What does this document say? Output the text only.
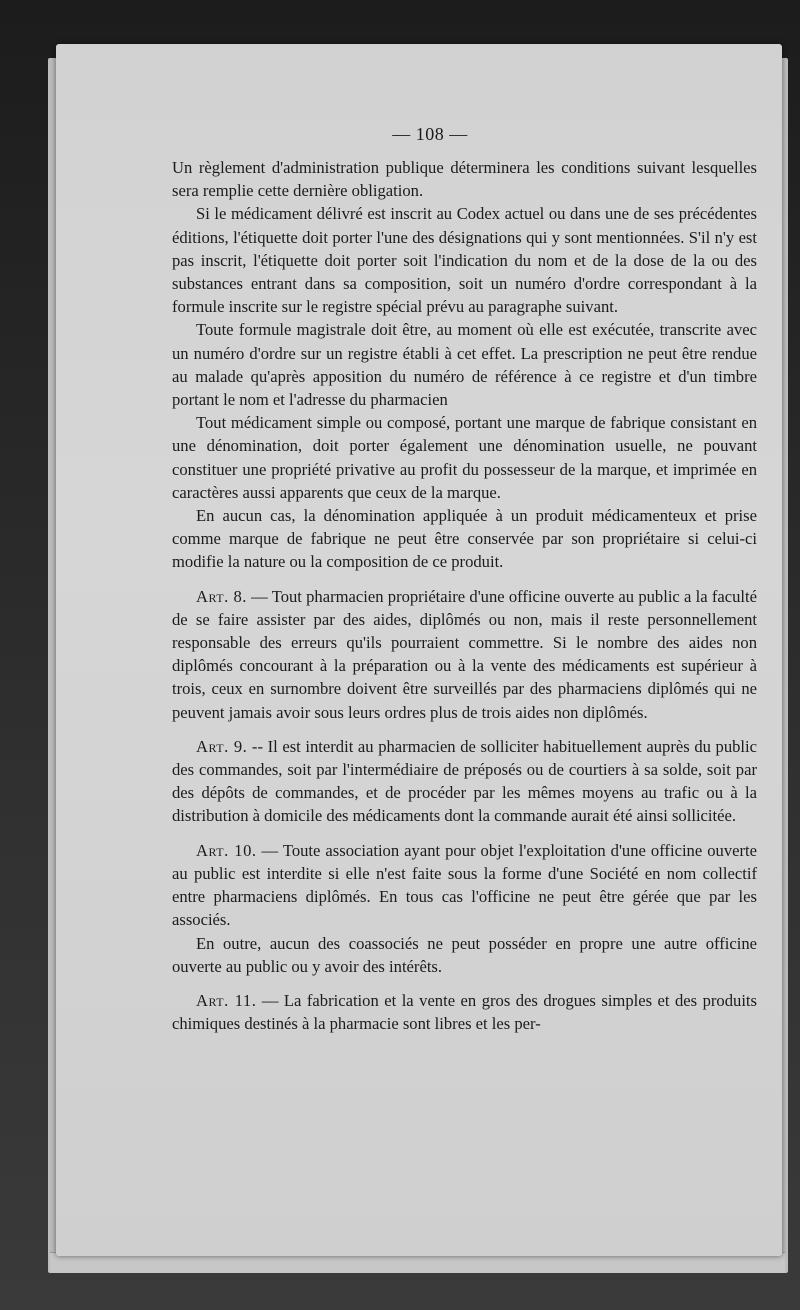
— 108 —

Un règlement d'administration publique déterminera les conditions suivant lesquelles sera remplie cette dernière obligation.

Si le médicament délivré est inscrit au Codex actuel ou dans une de ses précédentes éditions, l'étiquette doit porter l'une des désignations qui y sont mentionnées. S'il n'y est pas inscrit, l'étiquette doit porter soit l'indication du nom et de la dose de la ou des substances entrant dans sa composition, soit un numéro d'ordre correspondant à la formule inscrite sur le registre spécial prévu au paragraphe suivant.

Toute formule magistrale doit être, au moment où elle est exécutée, transcrite avec un numéro d'ordre sur un registre établi à cet effet. La prescription ne peut être rendue au malade qu'après apposition du numéro de référence à ce registre et d'un timbre portant le nom et l'adresse du pharmacien

Tout médicament simple ou composé, portant une marque de fabrique consistant en une dénomination, doit porter également une dénomination usuelle, ne pouvant constituer une propriété privative au profit du possesseur de la marque, et imprimée en caractères aussi apparents que ceux de la marque.

En aucun cas, la dénomination appliquée à un produit médicamenteux et prise comme marque de fabrique ne peut être conservée par son propriétaire si celui-ci modifie la nature ou la composition de ce produit.

Art. 8. — Tout pharmacien propriétaire d'une officine ouverte au public a la faculté de se faire assister par des aides, diplômés ou non, mais il reste personnellement responsable des erreurs qu'ils pourraient commettre. Si le nombre des aides non diplômés concourant à la préparation ou à la vente des médicaments est supérieur à trois, ceux en surnombre doivent être surveillés par des pharmaciens diplômés qui ne peuvent jamais avoir sous leurs ordres plus de trois aides non diplômés.

Art. 9. -- Il est interdit au pharmacien de solliciter habituellement auprès du public des commandes, soit par l'intermédiaire de préposés ou de courtiers à sa solde, soit par des dépôts de commandes, et de procéder par les mêmes moyens au trafic ou à la distribution à domicile des médicaments dont la commande aurait été ainsi sollicitée.

Art. 10. — Toute association ayant pour objet l'exploitation d'une officine ouverte au public est interdite si elle n'est faite sous la forme d'une Société en nom collectif entre pharmaciens diplômés. En tous cas l'officine ne peut être gérée que par les associés.

En outre, aucun des coassociés ne peut posséder en propre une autre officine ouverte au public ou y avoir des intérêts.

Art. 11. — La fabrication et la vente en gros des drogues simples et des produits chimiques destinés à la pharmacie sont libres et les per-
